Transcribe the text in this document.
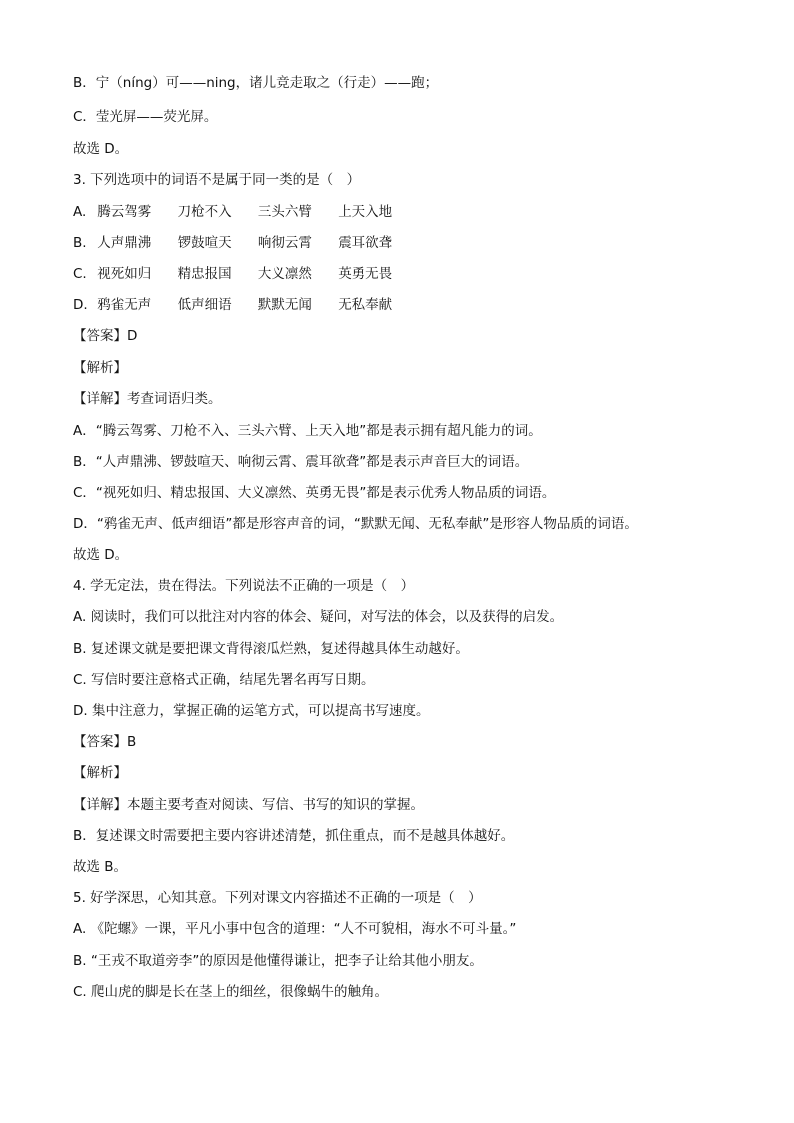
B．宁（níng）可——ning，诸儿竞走取之（行走）——跑；
C．莹光屏——荧光屏。
故选 D。
3. 下列选项中的词语不是属于同一类的是（　）
A. 腾云驾雾 刀枪不入 三头六臂 上天入地
B. 人声鼎沸 锣鼓喧天 响彻云霄 震耳欲聋
C. 视死如归 精忠报国 大义凛然 英勇无畏
D. 鸦雀无声 低声细语 默默无闻 无私奉献
【答案】D
【解析】
【详解】考查词语归类。
A．“腾云驾雾、刀枪不入、三头六臂、上天入地”都是表示拥有超凡能力的词。
B．“人声鼎沸、锣鼓喧天、响彻云霄、震耳欲聋”都是表示声音巨大的词语。
C．“视死如归、精忠报国、大义凛然、英勇无畏”都是表示优秀人物品质的词语。
D．“鸦雀无声、低声细语”都是形容声音的词，“默默无闻、无私奉献”是形容人物品质的词语。
故选 D。
4. 学无定法，贵在得法。下列说法不正确的一项是（　）
A. 阅读时，我们可以批注对内容的体会、疑问，对写法的体会，以及获得的启发。
B. 复述课文就是要把课文背得滚瓜烂熟，复述得越具体生动越好。
C. 写信时要注意格式正确，结尾先署名再写日期。
D. 集中注意力，掌握正确的运笔方式，可以提高书写速度。
【答案】B
【解析】
【详解】本题主要考查对阅读、写信、书写的知识的掌握。
B．复述课文时需要把主要内容讲述清楚，抓住重点，而不是越具体越好。
故选 B。
5. 好学深思，心知其意。下列对课文内容描述不正确的一项是（　）
A. 《陀螺》一课，平凡小事中包含的道理：“人不可貌相，海水不可斗量。”
B. “王戎不取道旁李”的原因是他懂得谦让，把李子让给其他小朋友。
C. 爬山虎的脚是长在茎上的细丝，很像蜗牛的触角。
